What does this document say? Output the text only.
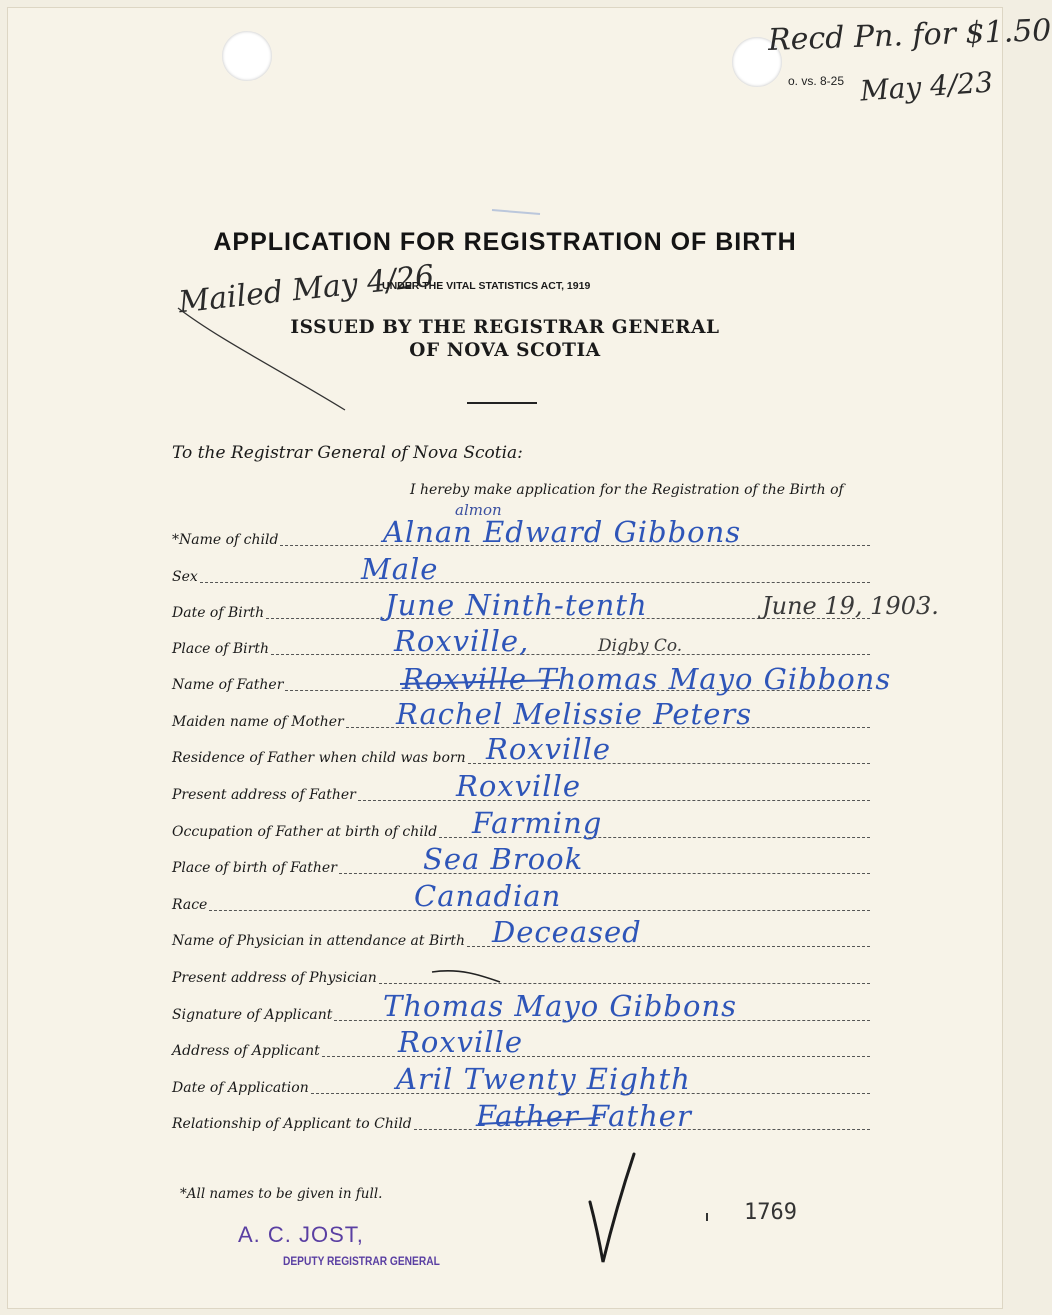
Recd Pn. for $1.50
o. vs. 8-25 May 4/23
APPLICATION FOR REGISTRATION OF BIRTH
Mailed May 4/26
UNDER THE VITAL STATISTICS ACT, 1919
ISSUED BY THE REGISTRAR GENERAL
OF NOVA SCOTIA
To the Registrar General of Nova Scotia:
I hereby make application for the Registration of the Birth of
*Name of child	Alnan Edward Gibbons
almon
Sex	Male
Date of Birth	June Ninth-tenth	June 19, 1903.
Place of Birth	Roxville,	Digby Co.
Name of Father	Roxville Thomas Mayo Gibbons
Maiden name of Mother Rachel Melissie Peters
Residence of Father when child was born Roxville
Present address of Father	Roxville
Occupation of Father at birth of child Farming
Place of birth of Father	Sea Brook
Race	Canadian
Name of Physician in attendance at Birth Deceased
Present address of Physician
Signature of Applicant Thomas Mayo Gibbons
Address of Applicant	Roxville
Date of Application	Aril Twenty Eighth
Relationship of Applicant to Child Father Father
*All names to be given in full.
A. C. JOST,
DEPUTY REGISTRAR GENERAL
1769
